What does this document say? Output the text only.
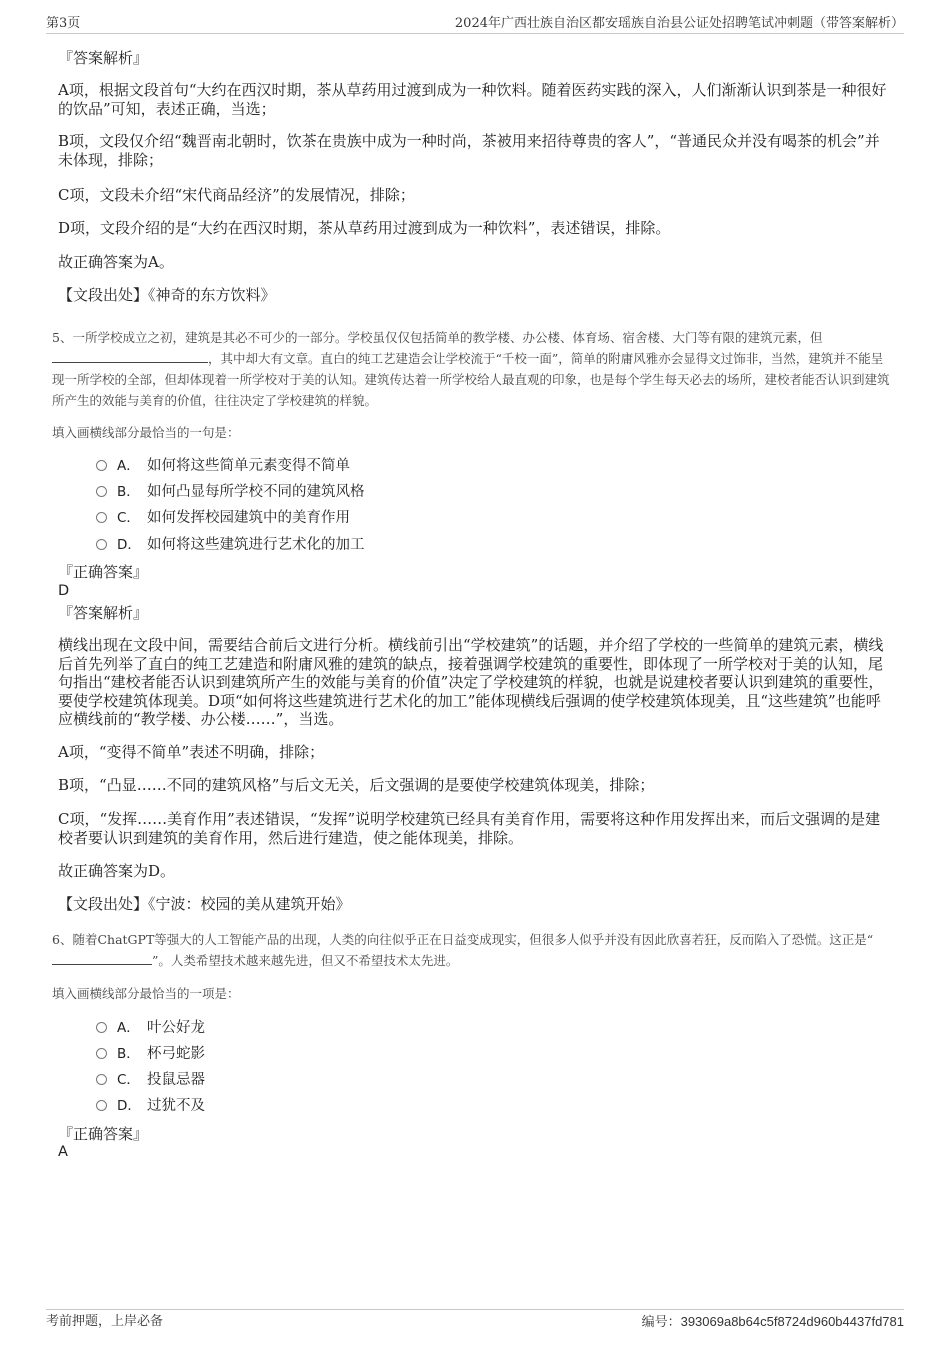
第3页	2024年广西壮族自治区都安瑶族自治县公证处招聘笔试冲刺题（带答案解析）
『答案解析』

A项，根据文段首句“大约在西汉时期，茶从草药用过渡到成为一种饮料。随着医药实践的深入，人们渐渐认识到茶是一种很好的饮品”可知，表述正确，当选；

B项，文段仅介绍“魏晋南北朝时，饮茶在贵族中成为一种时尚，茶被用来招待尊贵的客人”，“普通民众并没有喝茶的机会”并未体现，排除；

C项，文段未介绍“宋代商品经济”的发展情况，排除；

D项，文段介绍的是“大约在西汉时期，茶从草药用过渡到成为一种饮料”，表述错误，排除。

故正确答案为A。

【文段出处】《神奇的东方饮料》

5、一所学校成立之初，建筑是其必不可少的一部分。学校虽仅仅包括简单的教学楼、办公楼、体育场、宿舍楼、大门等有限的建筑元素，但，其中却大有文章。直白的纯工艺建造会让学校流于“千校一面”，简单的附庸风雅亦会显得文过饰非，当然，建筑并不能呈现一所学校的全部，但却体现着一所学校对于美的认知。建筑传达着一所学校给人最直观的印象，也是每个学生每天必去的场所，建校者能否认识到建筑所产生的效能与美育的价值，往往决定了学校建筑的样貌。

填入画横线部分最恰当的一句是：
A． 如何将这些简单元素变得不简单
B． 如何凸显每所学校不同的建筑风格
C． 如何发挥校园建筑中的美育作用
D． 如何将这些建筑进行艺术化的加工
『正确答案』
D
『答案解析』

横线出现在文段中间，需要结合前后文进行分析。横线前引出“学校建筑”的话题，并介绍了学校的一些简单的建筑元素，横线后首先列举了直白的纯工艺建造和附庸风雅的建筑的缺点，接着强调学校建筑的重要性，即体现了一所学校对于美的认知，尾句指出“建校者能否认识到建筑所产生的效能与美育的价值”决定了学校建筑的样貌，也就是说建校者要认识到建筑的重要性，要使学校建筑体现美。D项“如何将这些建筑进行艺术化的加工”能体现横线后强调的使学校建筑体现美，且“这些建筑”也能呼应横线前的“教学楼、办公楼……”，当选。

A项，“变得不简单”表述不明确，排除；

B项，“凸显……不同的建筑风格”与后文无关，后文强调的是要使学校建筑体现美，排除；

C项，“发挥……美育作用”表述错误，“发挥”说明学校建筑已经具有美育作用，需要将这种作用发挥出来，而后文强调的是建校者要认识到建筑的美育作用，然后进行建造，使之能体现美，排除。

故正确答案为D。

【文段出处】《宁波：校园的美从建筑开始》

6、随着ChatGPT等强大的人工智能产品的出现，人类的向往似乎正在日益变成现实，但很多人似乎并没有因此欣喜若狂，反而陷入了恐慌。这正是“”。人类希望技术越来越先进，但又不希望技术太先进。

填入画横线部分最恰当的一项是：
A． 叶公好龙
B． 杯弓蛇影
C． 投鼠忌器
D． 过犹不及
『正确答案』
A
考前押题，上岸必备	编号：393069a8b64c5f8724d960b4437fd781
